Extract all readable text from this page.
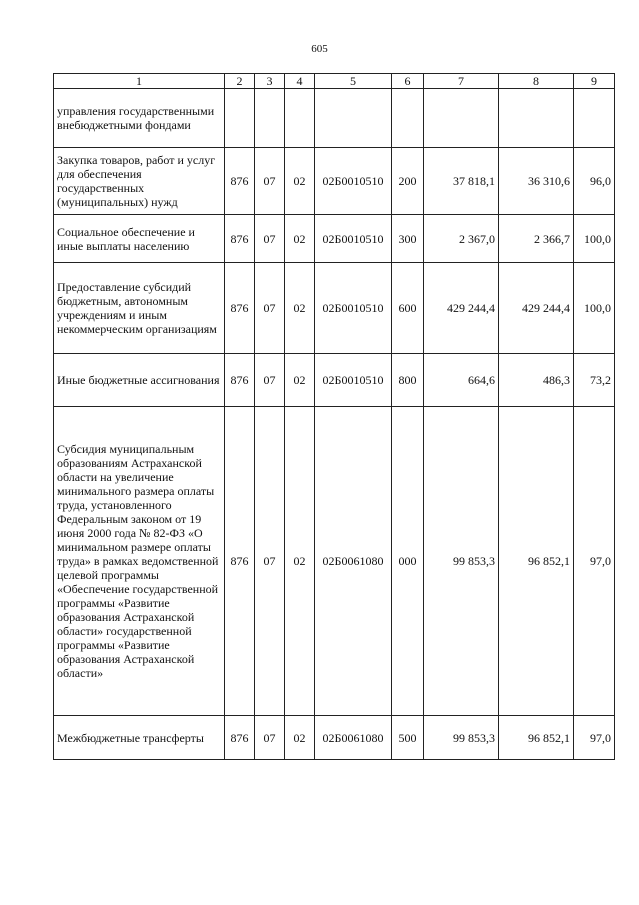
605
1	2	3	4	5	6	7	8	9
управления государственными внебюджетными фондами								
Закупка товаров, работ и услуг для обеспечения государственных (муниципальных) нужд	876	07	02	02Б0010510	200	37 818,1	36 310,6	96,0
Социальное обеспечение и иные выплаты населению	876	07	02	02Б0010510	300	2 367,0	2 366,7	100,0
Предоставление субсидий бюджетным, автономным учреждениям и иным некоммерческим организациям	876	07	02	02Б0010510	600	429 244,4	429 244,4	100,0
Иные бюджетные ассигнования	876	07	02	02Б0010510	800	664,6	486,3	73,2
Субсидия муниципальным образованиям Астраханской области на увеличение минимального размера оплаты труда, установленного Федеральным законом от 19 июня 2000 года № 82-ФЗ «О минимальном размере оплаты труда» в рамках ведомственной целевой программы «Обеспечение государственной программы «Развитие образования Астраханской области» государственной программы «Развитие образования Астраханской области»	876	07	02	02Б0061080	000	99 853,3	96 852,1	97,0
Межбюджетные трансферты	876	07	02	02Б0061080	500	99 853,3	96 852,1	97,0
